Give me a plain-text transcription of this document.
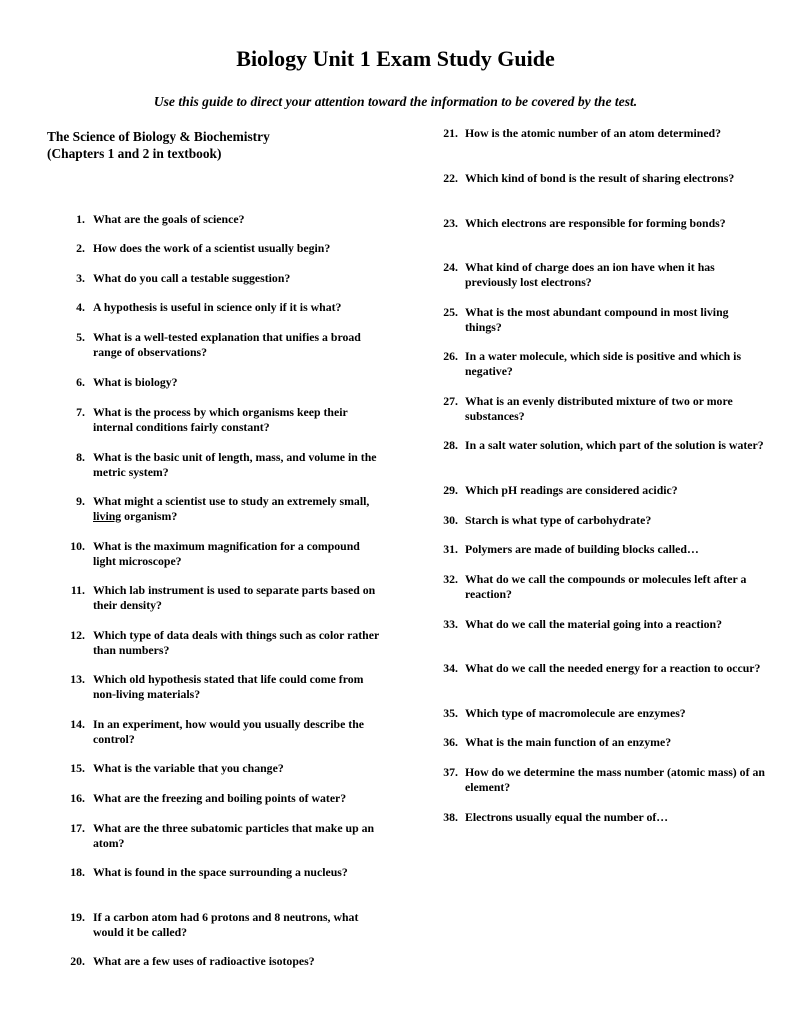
Biology Unit 1 Exam Study Guide
Use this guide to direct your attention toward the information to be covered by the test.
The Science of Biology & Biochemistry
(Chapters 1 and 2 in textbook)
1. What are the goals of science?
2. How does the work of a scientist usually begin?
3. What do you call a testable suggestion?
4. A hypothesis is useful in science only if it is what?
5. What is a well-tested explanation that unifies a broad range of observations?
6. What is biology?
7. What is the process by which organisms keep their internal conditions fairly constant?
8. What is the basic unit of length, mass, and volume in the metric system?
9. What might a scientist use to study an extremely small, living organism?
10. What is the maximum magnification for a compound light microscope?
11. Which lab instrument is used to separate parts based on their density?
12. Which type of data deals with things such as color rather than numbers?
13. Which old hypothesis stated that life could come from non-living materials?
14. In an experiment, how would you usually describe the control?
15. What is the variable that you change?
16. What are the freezing and boiling points of water?
17. What are the three subatomic particles that make up an atom?
18. What is found in the space surrounding a nucleus?
19. If a carbon atom had 6 protons and 8 neutrons, what would it be called?
20. What are a few uses of radioactive isotopes?
21. How is the atomic number of an atom determined?
22. Which kind of bond is the result of sharing electrons?
23. Which electrons are responsible for forming bonds?
24. What kind of charge does an ion have when it has previously lost electrons?
25. What is the most abundant compound in most living things?
26. In a water molecule, which side is positive and which is negative?
27. What is an evenly distributed mixture of two or more substances?
28. In a salt water solution, which part of the solution is water?
29. Which pH readings are considered acidic?
30. Starch is what type of carbohydrate?
31. Polymers are made of building blocks called…
32. What do we call the compounds or molecules left after a reaction?
33. What do we call the material going into a reaction?
34. What do we call the needed energy for a reaction to occur?
35. Which type of macromolecule are enzymes?
36. What is the main function of an enzyme?
37. How do we determine the mass number (atomic mass) of an element?
38. Electrons usually equal the number of…
